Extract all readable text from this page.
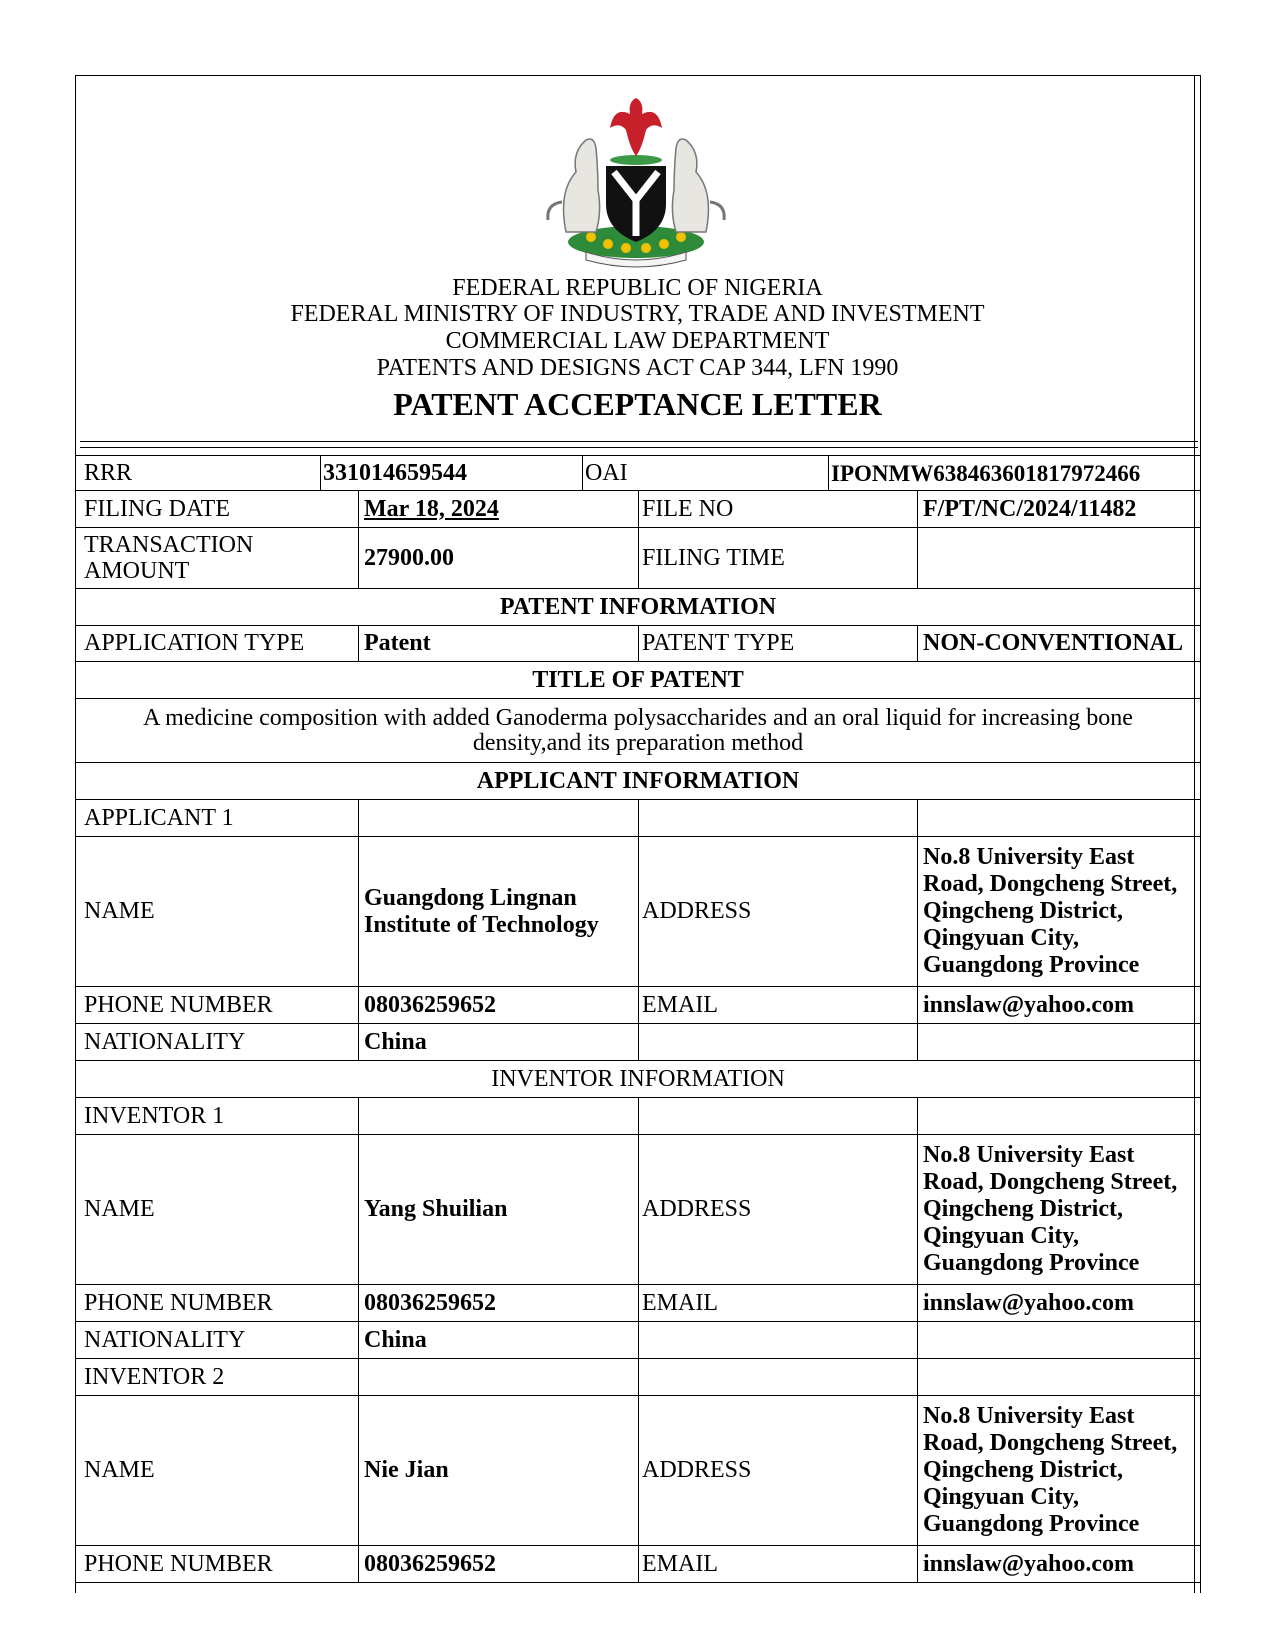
FEDERAL REPUBLIC OF NIGERIA
FEDERAL MINISTRY OF INDUSTRY, TRADE AND INVESTMENT
COMMERCIAL LAW DEPARTMENT
PATENTS AND DESIGNS ACT CAP 344, LFN 1990
PATENT ACCEPTANCE LETTER
RRR	331014659544	OAI	IPONMW638463601817972466
FILING DATE	Mar 18, 2024	FILE NO	F/PT/NC/2024/11482
TRANSACTION AMOUNT	27900.00	FILING TIME	
PATENT INFORMATION			
APPLICATION TYPE	Patent	PATENT TYPE	NON-CONVENTIONAL
TITLE OF PATENT			
A medicine composition with added Ganoderma polysaccharides and an oral liquid for increasing bone density,and its preparation method			
APPLICANT INFORMATION			
APPLICANT 1			
NAME	Guangdong Lingnan Institute of Technology	ADDRESS	No.8 University East Road, Dongcheng Street, Qingcheng District, Qingyuan City, Guangdong Province
PHONE NUMBER	08036259652	EMAIL	innslaw@yahoo.com
NATIONALITY	China		
INVENTOR INFORMATION			
INVENTOR 1			
NAME	Yang Shuilian	ADDRESS	No.8 University East Road, Dongcheng Street, Qingcheng District, Qingyuan City, Guangdong Province
PHONE NUMBER	08036259652	EMAIL	innslaw@yahoo.com
NATIONALITY	China		
INVENTOR 2			
NAME	Nie Jian	ADDRESS	No.8 University East Road, Dongcheng Street, Qingcheng District, Qingyuan City, Guangdong Province
PHONE NUMBER	08036259652	EMAIL	innslaw@yahoo.com
